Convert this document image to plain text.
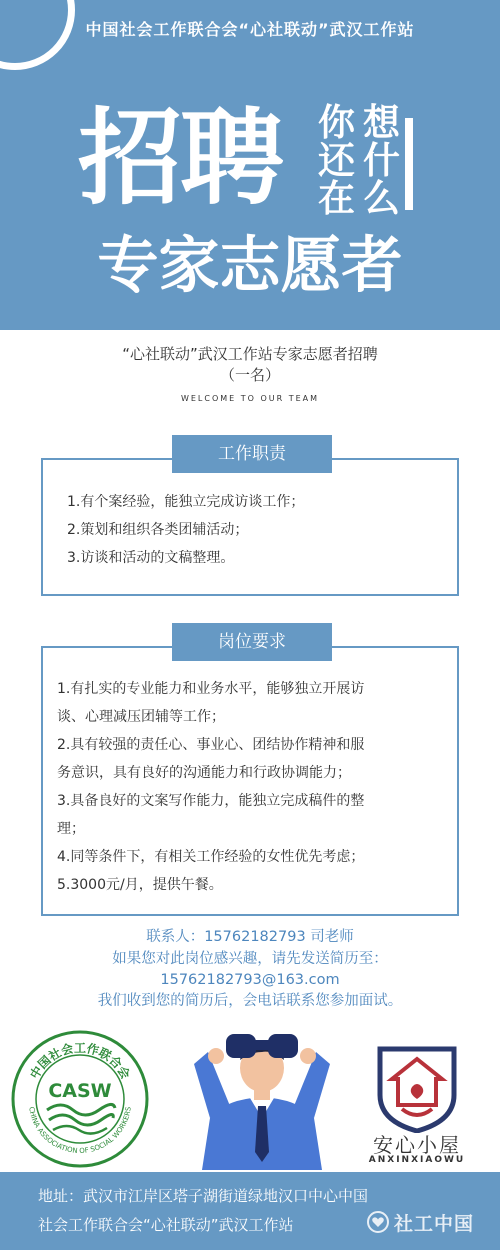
中国社会工作联合会“心社联动”武汉工作站
招聘 你
还
在
想
什
么
专家志愿者
“心社联动”武汉工作站专家志愿者招聘
（一名）
WELCOME TO OUR TEAM
工作职责
1.有个案经验，能独立完成访谈工作；
2.策划和组织各类团辅活动；
3.访谈和活动的文稿整理。
岗位要求
1.有扎实的专业能力和业务水平，能够独立开展访
谈、心理减压团辅等工作；
2.具有较强的责任心、事业心、团结协作精神和服
务意识，具有良好的沟通能力和行政协调能力；
3.具备良好的文案写作能力，能独立完成稿件的整
理；
4.同等条件下，有相关工作经验的女性优先考虑；
5.3000元/月，提供午餐。
联系人：15762182793 司老师
如果您对此岗位感兴趣，请先发送简历至：
15762182793@163.com
我们收到您的简历后，会电话联系您参加面试。
中国社会工作联合会
CHINA ASSOCIATION OF SOCIAL WORKERS
CASW
安心小屋
ANXINXIAOWU
地址：武汉市江岸区塔子湖街道绿地汉口中心中国
社会工作联合会“心社联动”武汉工作站	社工中国
